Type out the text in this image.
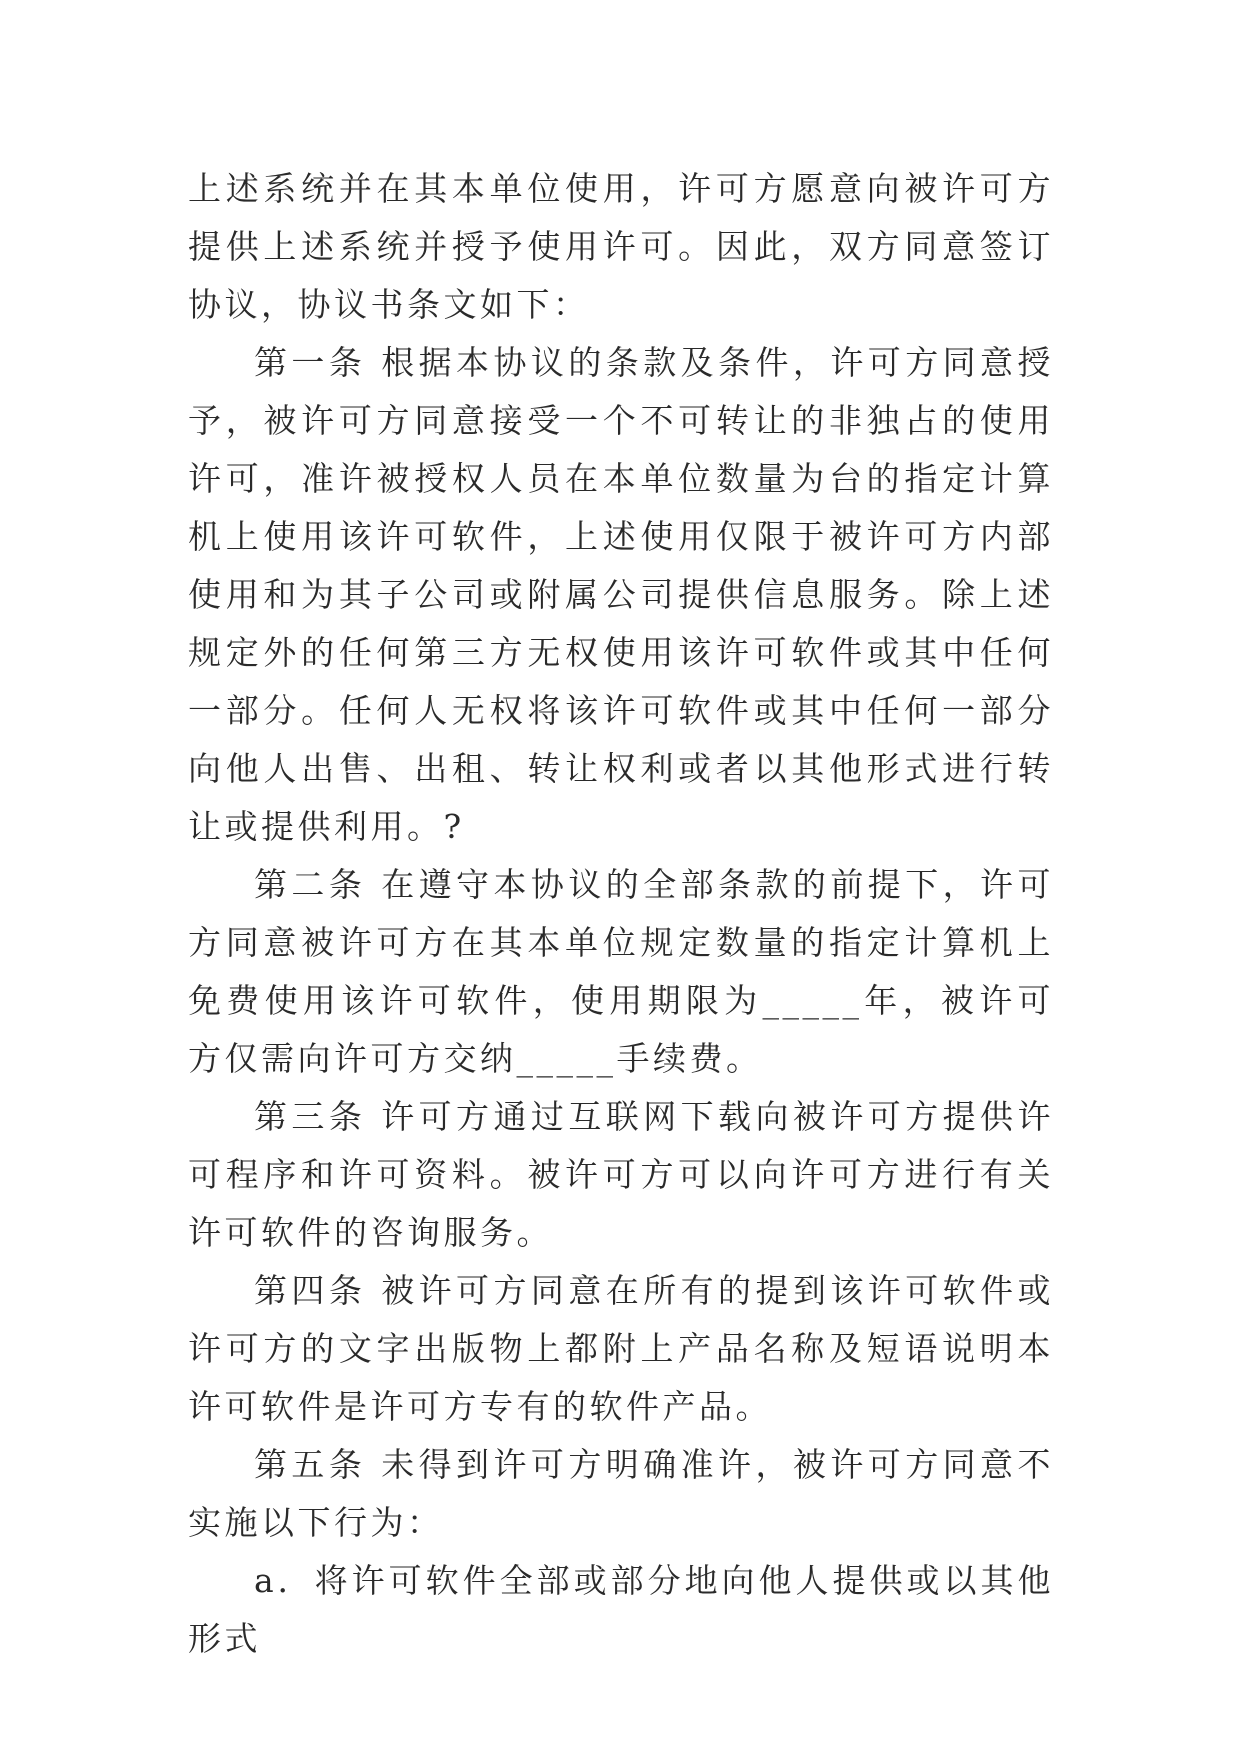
上述系统并在其本单位使用，许可方愿意向被许可方提供上述系统并授予使用许可。因此，双方同意签订协议，协议书条文如下：

第一条 根据本协议的条款及条件，许可方同意授予，被许可方同意接受一个不可转让的非独占的使用许可，准许被授权人员在本单位数量为台的指定计算机上使用该许可软件，上述使用仅限于被许可方内部使用和为其子公司或附属公司提供信息服务。除上述规定外的任何第三方无权使用该许可软件或其中任何一部分。任何人无权将该许可软件或其中任何一部分向他人出售、出租、转让权利或者以其他形式进行转让或提供利用。?

第二条 在遵守本协议的全部条款的前提下，许可方同意被许可方在其本单位规定数量的指定计算机上免费使用该许可软件，使用期限为_____年，被许可方仅需向许可方交纳_____手续费。

第三条 许可方通过互联网下载向被许可方提供许可程序和许可资料。被许可方可以向许可方进行有关许可软件的咨询服务。

第四条 被许可方同意在所有的提到该许可软件或许可方的文字出版物上都附上产品名称及短语说明本许可软件是许可方专有的软件产品。

第五条 未得到许可方明确准许，被许可方同意不实施以下行为：

a．将许可软件全部或部分地向他人提供或以其他形式
